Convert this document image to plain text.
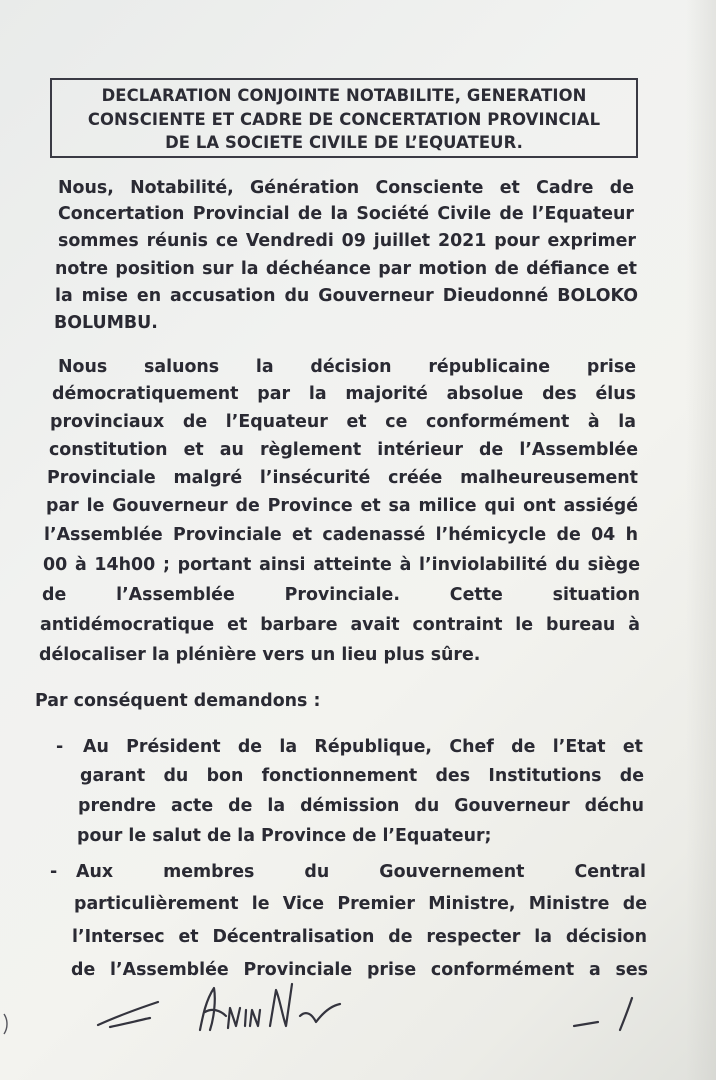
DECLARATION CONJOINTE NOTABILITE, GENERATION
CONSCIENTE ET CADRE DE CONCERTATION PROVINCIAL
DE LA SOCIETE CIVILE DE L’EQUATEUR.
Nous, Notabilité, Génération Consciente et Cadre de
Concertation Provincial de la Société Civile de l’Equateur
sommes réunis ce Vendredi 09 juillet 2021 pour exprimer
notre position sur la déchéance par motion de défiance et
la mise en accusation du Gouverneur Dieudonné BOLOKO
BOLUMBU.
Nous saluons la décision républicaine prise
démocratiquement par la majorité absolue des élus
provinciaux de l’Equateur et ce conformément à la
constitution et au règlement intérieur de l’Assemblée
Provinciale malgré l’insécurité créée malheureusement
par le Gouverneur de Province et sa milice qui ont assiégé
l’Assemblée Provinciale et cadenassé l’hémicycle de 04 h
00 à 14h00 ; portant ainsi atteinte à l’inviolabilité du siège
de l’Assemblée Provinciale. Cette situation
antidémocratique et barbare avait contraint le bureau à
délocaliser la plénière vers un lieu plus sûre.
Par conséquent demandons :
- Au Président de la République, Chef de l’Etat et
garant du bon fonctionnement des Institutions de
prendre acte de la démission du Gouverneur déchu
pour le salut de la Province de l’Equateur;
- Aux membres du Gouvernement Central
particulièrement le Vice Premier Ministre, Ministre de
l’Intersec et Décentralisation de respecter la décision
de l’Assemblée Provinciale prise conformément a ses
